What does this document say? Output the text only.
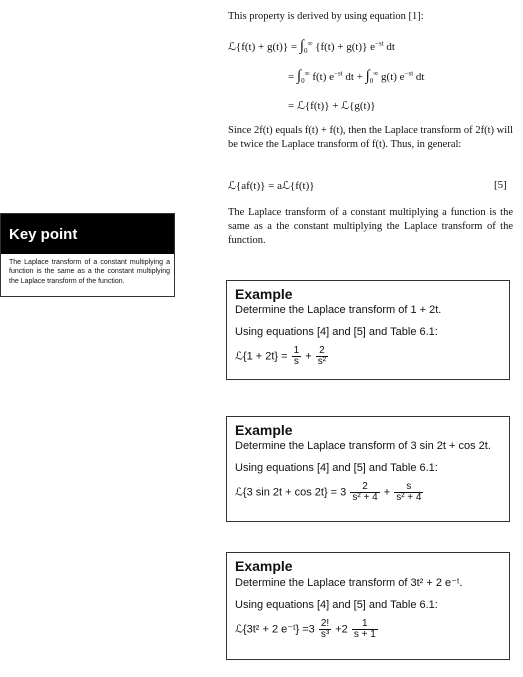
This property is derived by using equation [1]:
ℒ{f(t) + $g(t)\} = \int_0^\infty$ {f(t) + g(t)} $e^{-st}$ dt
= $\int_0^\infty$ f(t) $e^{-st}$ dt + $\int_0^\infty$ g(t) $e^{-st}$ dt
= ℒ{f(t)} + ℒ{g(t)}
Since 2f(t) equals f(t) + f(t), then the Laplace transform of 2f(t) will be twice the Laplace transform of f(t). Thus, in general:
ℒ{af(t)} = aℒ{f(t)}	[5]
The Laplace transform of a constant multiplying a function is the same as a the constant multiplying the Laplace transform of the function.
Key point
The Laplace transform of a constant multiplying a function is the same as a the constant multiplying the Laplace transform of the function.
Example
Determine the Laplace transform of 1 + 2t.
Using equations [4] and [5] and Table 6.1:
ℒ{1 + $2t\} = \frac{1}{s} + \frac{2}{\text{s²}}$
Example
Determine the Laplace transform of 3 sin 2t + cos 2t.
Using equations [4] and [5] and Table 6.1:
ℒ{3 $\sin 2t + \cos 2t\} = 3 \frac{2}{\text{s² + 4}} + \frac{s}{\text{s² + 4}}$
Example
Determine the Laplace transform of 3t² + 2 e⁻ᵗ.
Using equations [4] and [5] and Table 6.1:
ℒ{3t² + 2 e⁻ᵗ} $=3 \frac{2!}{\text{s³}} +2 \frac{1}{s + 1}$
